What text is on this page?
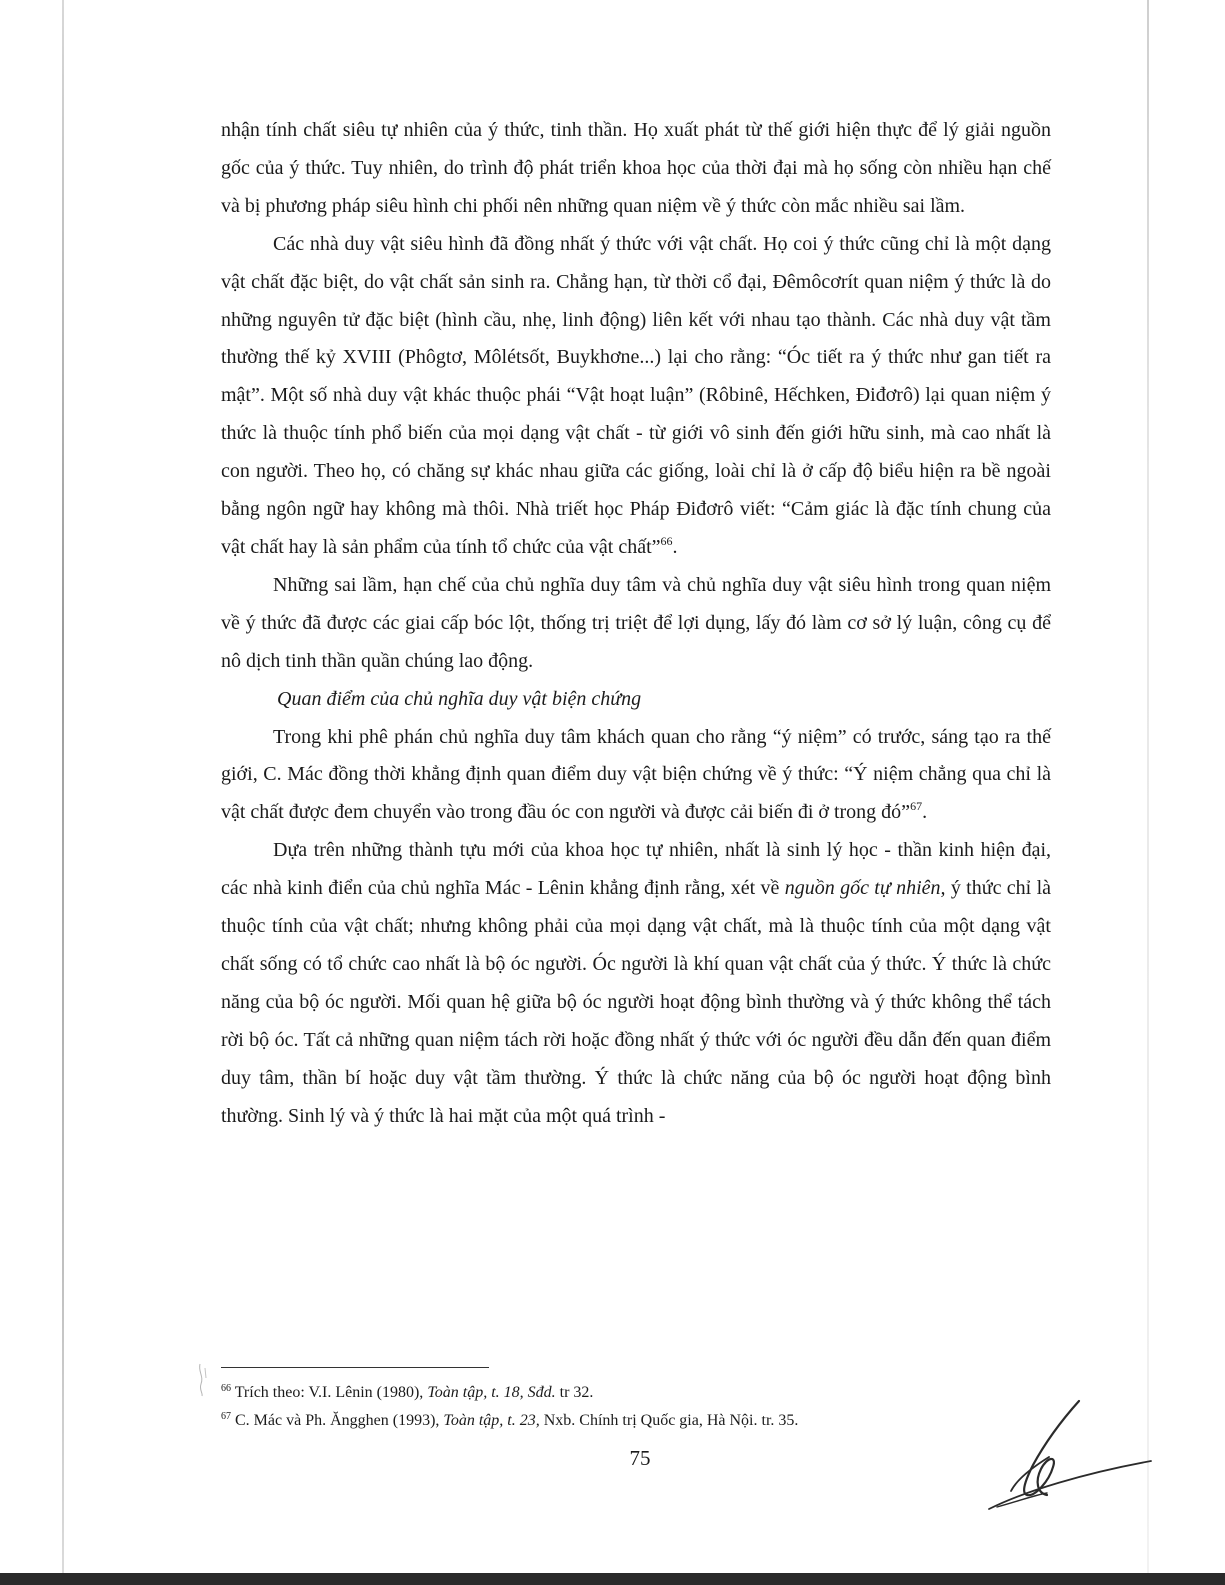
nhận tính chất siêu tự nhiên của ý thức, tinh thần. Họ xuất phát từ thế giới hiện thực để lý giải nguồn gốc của ý thức. Tuy nhiên, do trình độ phát triển khoa học của thời đại mà họ sống còn nhiều hạn chế và bị phương pháp siêu hình chi phối nên những quan niệm về ý thức còn mắc nhiều sai lầm.

Các nhà duy vật siêu hình đã đồng nhất ý thức với vật chất. Họ coi ý thức cũng chỉ là một dạng vật chất đặc biệt, do vật chất sản sinh ra. Chẳng hạn, từ thời cổ đại, Đêmôcơrít quan niệm ý thức là do những nguyên tử đặc biệt (hình cầu, nhẹ, linh động) liên kết với nhau tạo thành. Các nhà duy vật tầm thường thế kỷ XVIII (Phôgtơ, Môlétsốt, Buykhơne...) lại cho rằng: “Óc tiết ra ý thức như gan tiết ra mật”. Một số nhà duy vật khác thuộc phái “Vật hoạt luận” (Rôbinê, Hếchken, Điđơrô) lại quan niệm ý thức là thuộc tính phổ biến của mọi dạng vật chất - từ giới vô sinh đến giới hữu sinh, mà cao nhất là con người. Theo họ, có chăng sự khác nhau giữa các giống, loài chỉ là ở cấp độ biểu hiện ra bề ngoài bằng ngôn ngữ hay không mà thôi. Nhà triết học Pháp Điđơrô viết: “Cảm giác là đặc tính chung của vật chất hay là sản phẩm của tính tổ chức của vật chất”$^{66}$.

Những sai lầm, hạn chế của chủ nghĩa duy tâm và chủ nghĩa duy vật siêu hình trong quan niệm về ý thức đã được các giai cấp bóc lột, thống trị triệt để lợi dụng, lấy đó làm cơ sở lý luận, công cụ để nô dịch tinh thần quần chúng lao động.

Quan điểm của chủ nghĩa duy vật biện chứng

Trong khi phê phán chủ nghĩa duy tâm khách quan cho rằng “ý niệm” có trước, sáng tạo ra thế giới, C. Mác đồng thời khẳng định quan điểm duy vật biện chứng về ý thức: “Ý niệm chẳng qua chỉ là vật chất được đem chuyển vào trong đầu óc con người và được cải biến đi ở trong đó”$^{67}$.

Dựa trên những thành tựu mới của khoa học tự nhiên, nhất là sinh lý học - thần kinh hiện đại, các nhà kinh điển của chủ nghĩa Mác - Lênin khẳng định rằng, xét về nguồn gốc tự nhiên, ý thức chỉ là thuộc tính của vật chất; nhưng không phải của mọi dạng vật chất, mà là thuộc tính của một dạng vật chất sống có tổ chức cao nhất là bộ óc người. Óc người là khí quan vật chất của ý thức. Ý thức là chức năng của bộ óc người. Mối quan hệ giữa bộ óc người hoạt động bình thường và ý thức không thể tách rời bộ óc. Tất cả những quan niệm tách rời hoặc đồng nhất ý thức với óc người đều dẫn đến quan điểm duy tâm, thần bí hoặc duy vật tầm thường. Ý thức là chức năng của bộ óc người hoạt động bình thường. Sinh lý và ý thức là hai mặt của một quá trình -

$^{66}$ Trích theo: V.I. Lênin (1980), Toàn tập, t. 18, Sđd. tr 32.

$^{67}$ C. Mác và Ph. Ăngghen (1993), Toàn tập, t. 23, Nxb. Chính trị Quốc gia, Hà Nội. tr. 35.

75
